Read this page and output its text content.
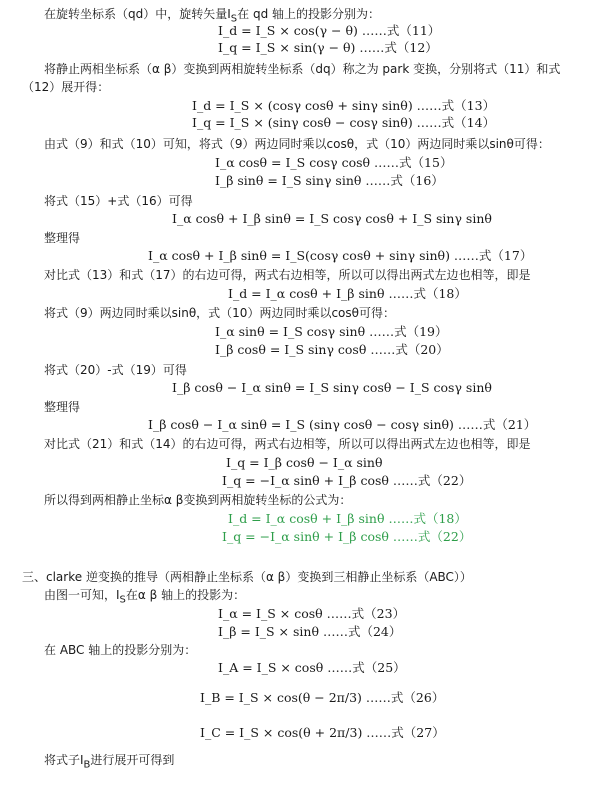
在旋转坐标系（qd）中，旋转矢量$I_S$在 qd 轴上的投影分别为：
I_d = I_S × cos(γ − θ) ……式（11）
I_q = I_S × sin(γ − θ) ……式（12）
将静止两相坐标系（α β）变换到两相旋转坐标系（dq）称之为 park 变换，分别将式（11）和式
（12）展开得：
I_d = I_S × (cosγ cosθ + sinγ sinθ) ……式（13）
I_q = I_S × (sinγ cosθ − cosγ sinθ) ……式（14）
由式（9）和式（10）可知，将式（9）两边同时乘以cosθ，式（10）两边同时乘以sinθ可得：
I_α cosθ = I_S cosγ cosθ ……式（15）
I_β sinθ = I_S sinγ sinθ ……式（16）
将式（15）+式（16）可得
I_α cosθ + I_β sinθ = I_S cosγ cosθ + I_S sinγ sinθ
整理得
I_α cosθ + I_β sinθ = I_S(cosγ cosθ + sinγ sinθ) ……式（17）
对比式（13）和式（17）的右边可得，两式右边相等，所以可以得出两式左边也相等，即是
I_d = I_α cosθ + I_β sinθ ……式（18）
将式（9）两边同时乘以sinθ，式（10）两边同时乘以cosθ可得：
I_α sinθ = I_S cosγ sinθ ……式（19）
I_β cosθ = I_S sinγ cosθ ……式（20）
将式（20）-式（19）可得
I_β cosθ − I_α sinθ = I_S sinγ cosθ − I_S cosγ sinθ
整理得
I_β cosθ − I_α sinθ = I_S (sinγ cosθ − cosγ sinθ) ……式（21）
对比式（21）和式（14）的右边可得，两式右边相等，所以可以得出两式左边也相等，即是
I_q = I_β cosθ − I_α sinθ
I_q = −I_α sinθ + I_β cosθ ……式（22）
所以得到两相静止坐标α β变换到两相旋转坐标的公式为：
I_d = I_α cosθ + I_β sinθ ……式（18）
I_q = −I_α sinθ + I_β cosθ ……式（22）
三、clarke 逆变换的推导（两相静止坐标系（α β）变换到三相静止坐标系（ABC））
由图一可知，$I_S$在α β 轴上的投影为：
I_α = I_S × cosθ ……式（23）
I_β = I_S × sinθ ……式（24）
在 ABC 轴上的投影分别为：
I_A = I_S × cosθ ……式（25）
I_B = I_S × cos(θ − 2π/3) ……式（26）
I_C = I_S × cos(θ + 2π/3) ……式（27）
将式子$I_B$进行展开可得到
